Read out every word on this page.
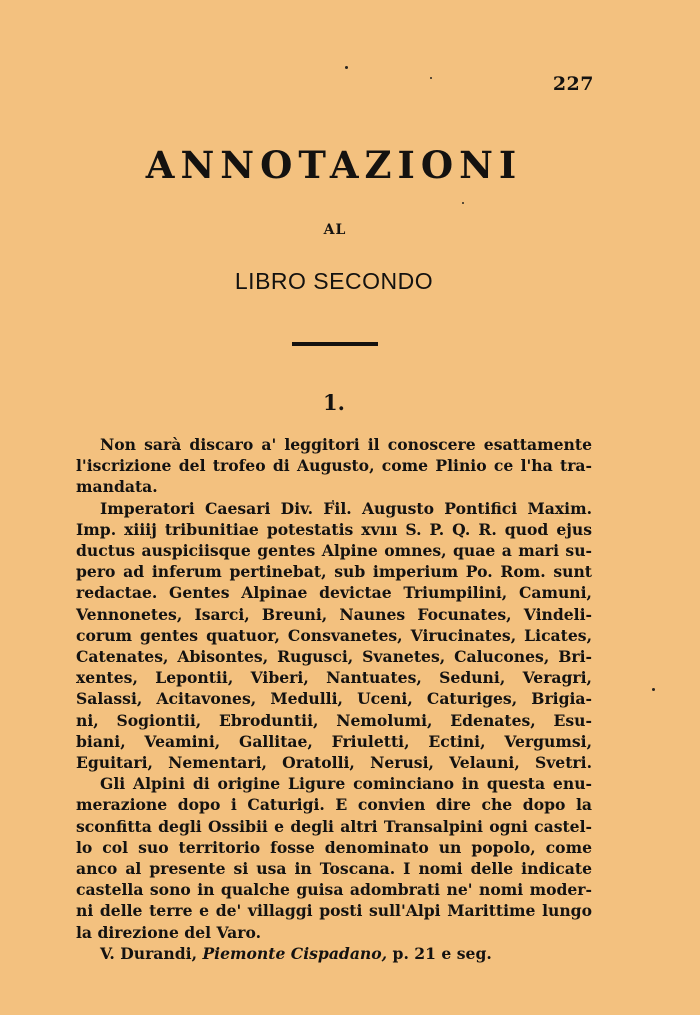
227
ANNOTAZIONI
AL
LIBRO SECONDO
1.
Non sarà discaro a' leggitori il conoscere esattamente
l'iscrizione del trofeo di Augusto, come Plinio ce l'ha tra-
mandata.
Imperatori Caesari Div. Fil. Augusto Pontifici Maxim.
Imp. xiiij tribunitiae potestatis xvııı S. P. Q. R. quod ejus
ductus auspiciisque gentes Alpine omnes, quae a mari su-
pero ad inferum pertinebat, sub imperium Po. Rom. sunt
redactae. Gentes Alpinae devictae Triumpilini, Camuni,
Vennonetes, Isarci, Breuni, Naunes Focunates, Vindeli-
corum gentes quatuor, Consvanetes, Virucinates, Licates,
Catenates, Abisontes, Rugusci, Svanetes, Calucones, Bri-
xentes, Lepontii, Viberi, Nantuates, Seduni, Veragri,
Salassi, Acitavones, Medulli, Uceni, Caturiges, Brigia-
ni, Sogiontii, Ebroduntii, Nemolumi, Edenates, Esu-
biani, Veamini, Gallitae, Friuletti, Ectini, Vergumsi,
Eguitari, Nementari, Oratolli, Nerusi, Velauni, Svetri.
Gli Alpini di origine Ligure cominciano in questa enu-
merazione dopo i Caturigi. E convien dire che dopo la
sconfitta degli Ossibii e degli altri Transalpini ogni castel-
lo col suo territorio fosse denominato un popolo, come
anco al presente si usa in Toscana. I nomi delle indicate
castella sono in qualche guisa adombrati ne' nomi moder-
ni delle terre e de' villaggi posti sull'Alpi Marittime lungo
la direzione del Varo.
V. Durandi, Piemonte Cispadano, p. 21 e seg.
